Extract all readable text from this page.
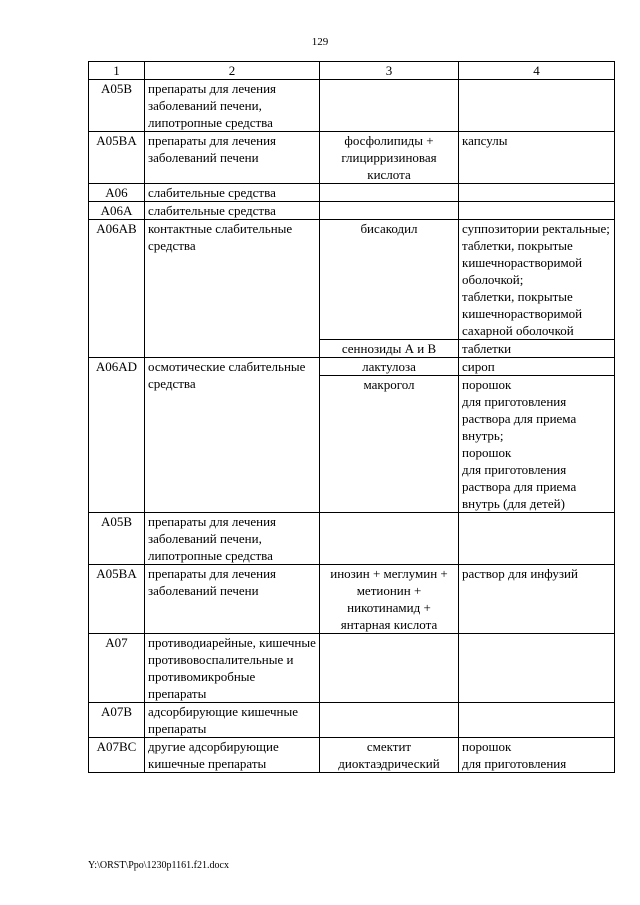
129
1	2	3	4
A05B	препараты для лечения заболеваний печени, липотропные средства		
A05BA	препараты для лечения заболеваний печени	фосфолипиды + глицирризиновая кислота	капсулы
A06	слабительные средства		
A06A	слабительные средства		
A06AB	контактные слабительные средства	бисакодил	суппозитории ректальные;
таблетки, покрытые кишечнорастворимой оболочкой;
таблетки, покрытые кишечнорастворимой сахарной оболочкой
		сеннозиды А и В	таблетки
A06AD	осмотические слабительные средства	лактулоза	сироп
		макрогол	порошок
для приготовления раствора для приема внутрь;
порошок
для приготовления раствора для приема внутрь (для детей)
A05B	препараты для лечения заболеваний печени, липотропные средства		
A05BA	препараты для лечения заболеваний печени	инозин + меглумин + метионин + никотинамид + янтарная кислота	раствор для инфузий
A07	противодиарейные, кишечные противовоспалительные и противомикробные препараты		
A07B	адсорбирующие кишечные препараты		
A07BC	другие адсорбирующие кишечные препараты	смектит диоктаэдрический	порошок
для приготовления
Y:\ORST\Ppo\1230p1161.f21.docx
